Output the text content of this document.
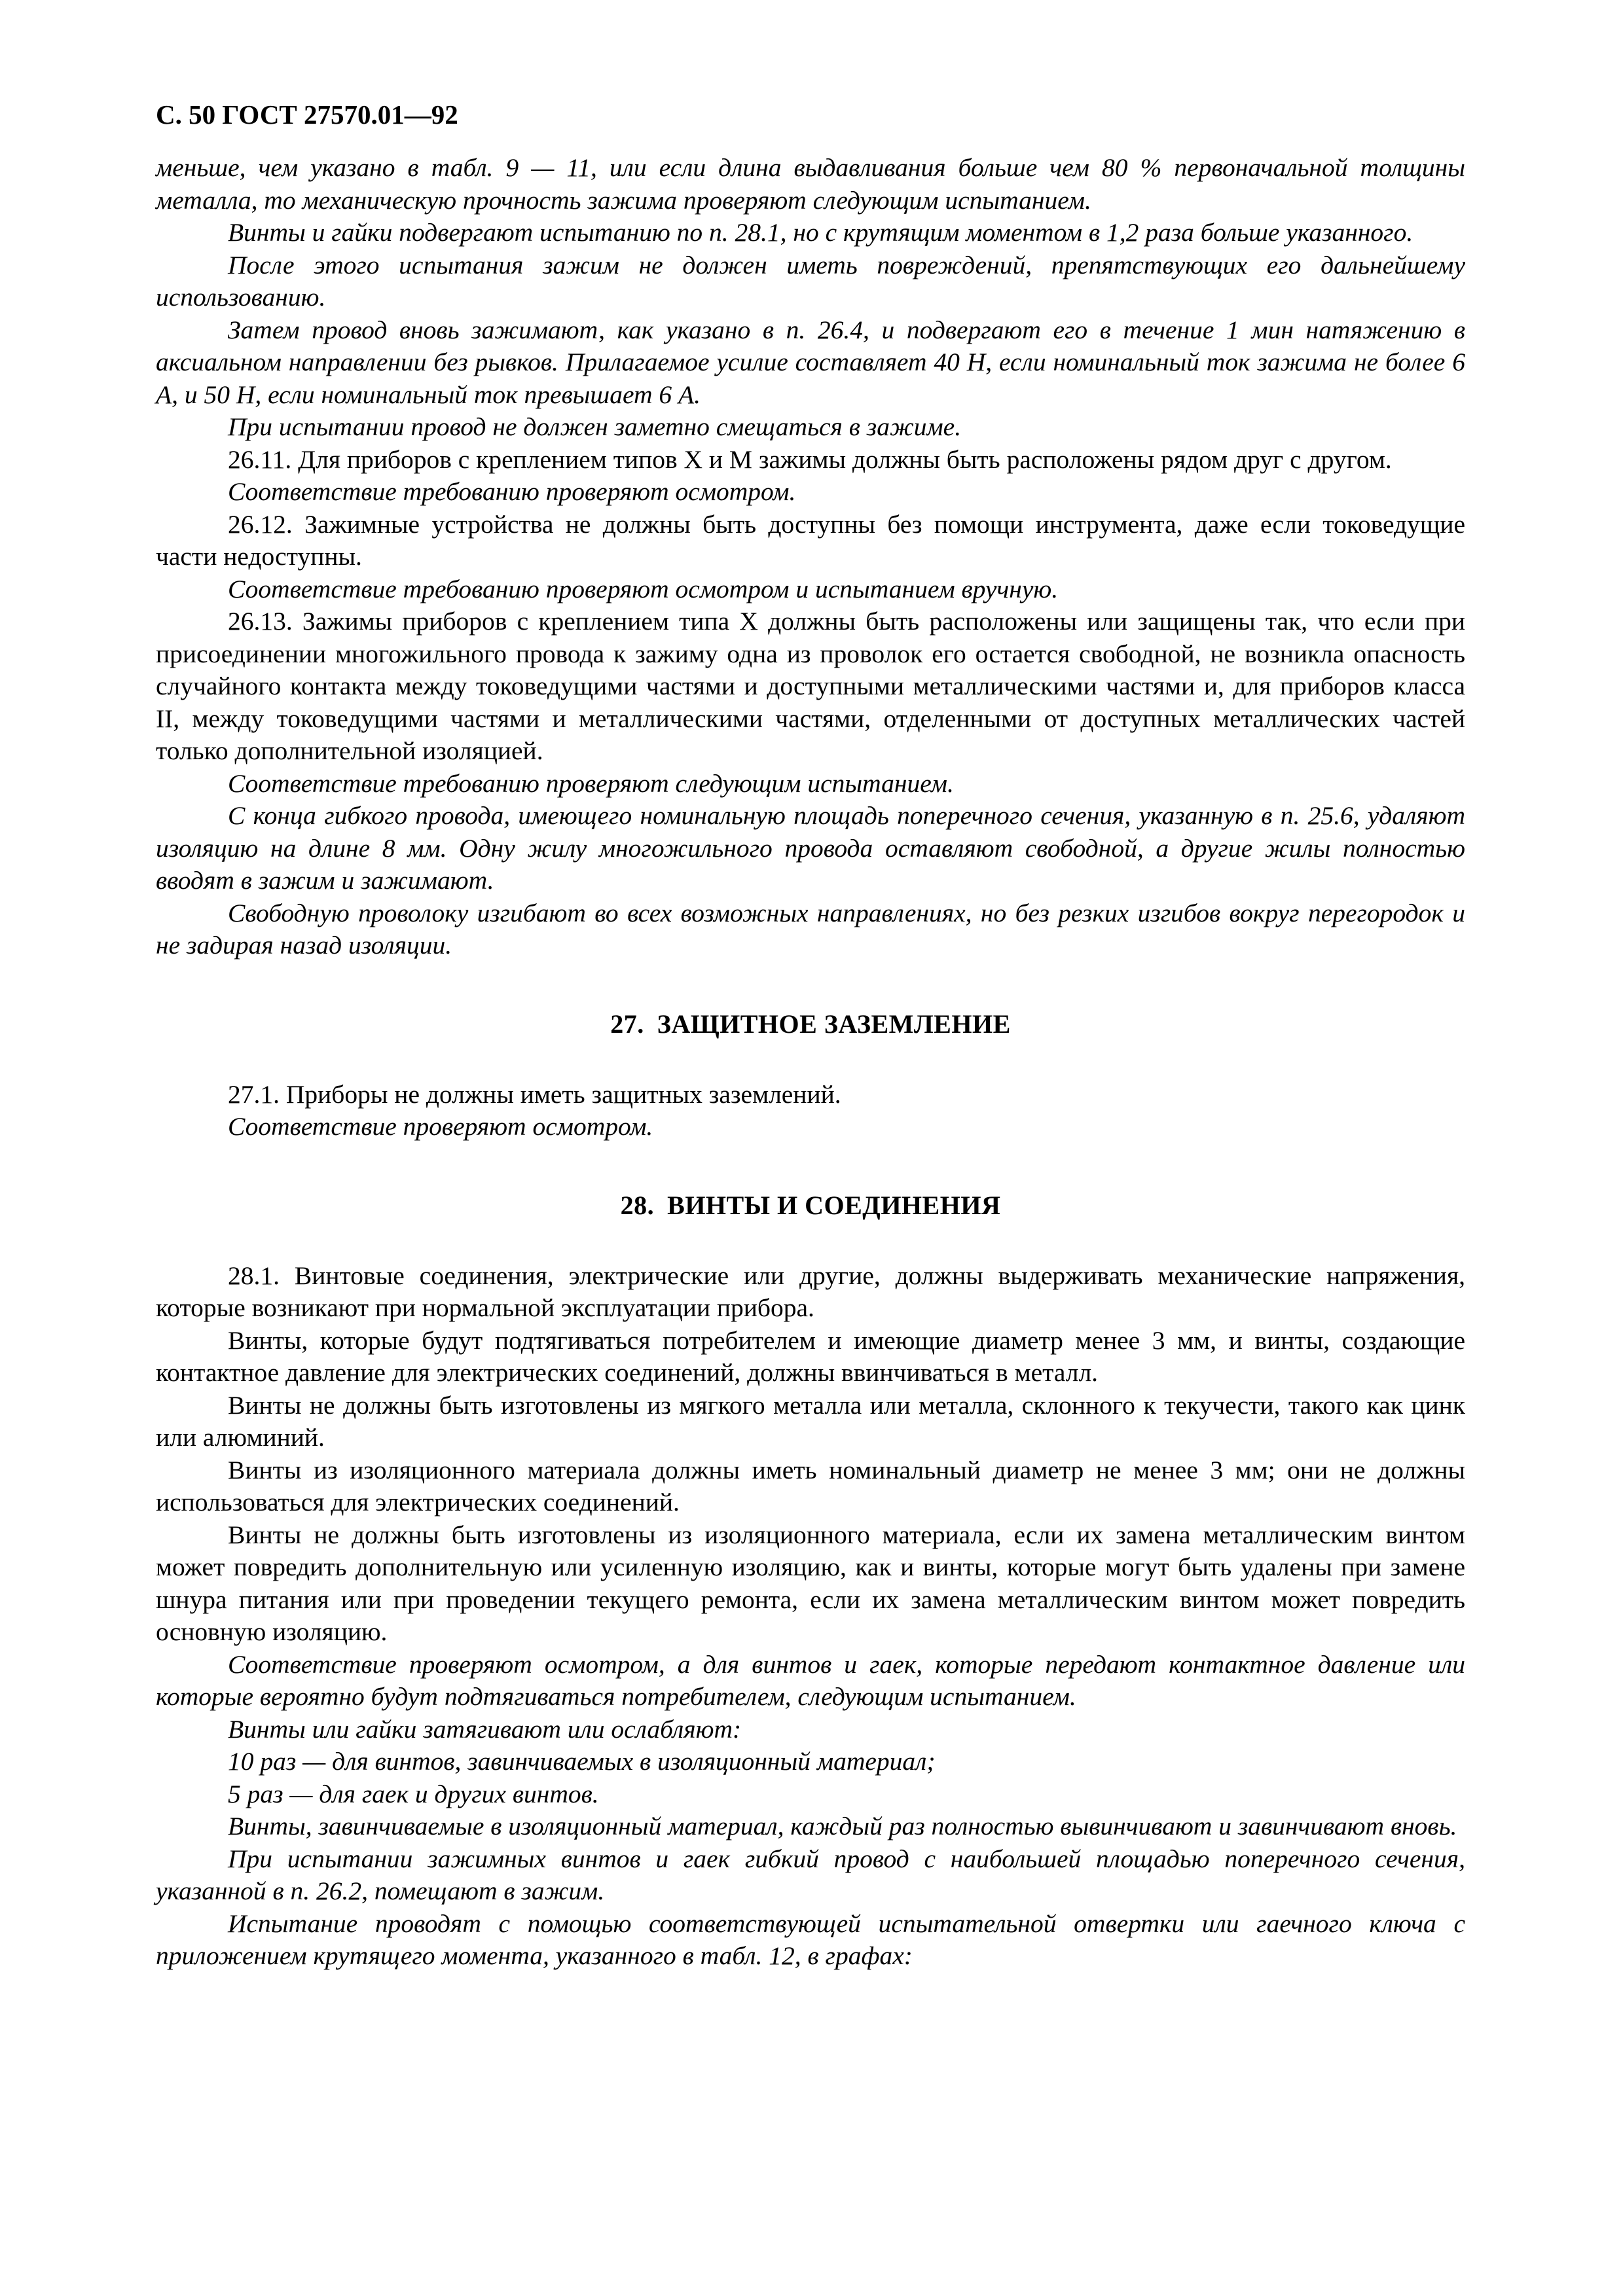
С. 50 ГОСТ 27570.01—92

меньше, чем указано в табл. 9 — 11, или если длина выдавливания больше чем 80 % первоначальной толщины металла, то механическую прочность зажима проверяют следующим испытанием.

Винты и гайки подвергают испытанию по п. 28.1, но с крутящим моментом в 1,2 раза больше указанного.

После этого испытания зажим не должен иметь повреждений, препятствующих его дальнейшему использованию.

Затем провод вновь зажимают, как указано в п. 26.4, и подвергают его в течение 1 мин натяжению в аксиальном направлении без рывков. Прилагаемое усилие составляет 40 Н, если номинальный ток зажима не более 6 А, и 50 Н, если номинальный ток превышает 6 А.

При испытании провод не должен заметно смещаться в зажиме.

26.11. Для приборов с креплением типов X и М зажимы должны быть расположены рядом друг с другом.

Соответствие требованию проверяют осмотром.

26.12. Зажимные устройства не должны быть доступны без помощи инструмента, даже если токоведущие части недоступны.

Соответствие требованию проверяют осмотром и испытанием вручную.

26.13. Зажимы приборов с креплением типа X должны быть расположены или защищены так, что если при присоединении многожильного провода к зажиму одна из проволок его остается свободной, не возникла опасность случайного контакта между токоведущими частями и доступными металлическими частями и, для приборов класса II, между токоведущими частями и металлическими частями, отделенными от доступных металлических частей только дополнительной изоляцией.

Соответствие требованию проверяют следующим испытанием.

С конца гибкого провода, имеющего номинальную площадь поперечного сечения, указанную в п. 25.6, удаляют изоляцию на длине 8 мм. Одну жилу многожильного провода оставляют свободной, а другие жилы полностью вводят в зажим и зажимают.

Свободную проволоку изгибают во всех возможных направлениях, но без резких изгибов вокруг перегородок и не задирая назад изоляции.

27. ЗАЩИТНОЕ ЗАЗЕМЛЕНИЕ

27.1. Приборы не должны иметь защитных заземлений.

Соответствие проверяют осмотром.

28. ВИНТЫ И СОЕДИНЕНИЯ

28.1. Винтовые соединения, электрические или другие, должны выдерживать механические напряжения, которые возникают при нормальной эксплуатации прибора.

Винты, которые будут подтягиваться потребителем и имеющие диаметр менее 3 мм, и винты, создающие контактное давление для электрических соединений, должны ввинчиваться в металл.

Винты не должны быть изготовлены из мягкого металла или металла, склонного к текучести, такого как цинк или алюминий.

Винты из изоляционного материала должны иметь номинальный диаметр не менее 3 мм; они не должны использоваться для электрических соединений.

Винты не должны быть изготовлены из изоляционного материала, если их замена металлическим винтом может повредить дополнительную или усиленную изоляцию, как и винты, которые могут быть удалены при замене шнура питания или при проведении текущего ремонта, если их замена металлическим винтом может повредить основную изоляцию.

Соответствие проверяют осмотром, а для винтов и гаек, которые передают контактное давление или которые вероятно будут подтягиваться потребителем, следующим испытанием.

Винты или гайки затягивают или ослабляют:

10 раз — для винтов, завинчиваемых в изоляционный материал;

5 раз — для гаек и других винтов.

Винты, завинчиваемые в изоляционный материал, каждый раз полностью вывинчивают и завинчивают вновь.

При испытании зажимных винтов и гаек гибкий провод с наибольшей площадью поперечного сечения, указанной в п. 26.2, помещают в зажим.

Испытание проводят с помощью соответствующей испытательной отвертки или гаечного ключа с приложением крутящего момента, указанного в табл. 12, в графах:
